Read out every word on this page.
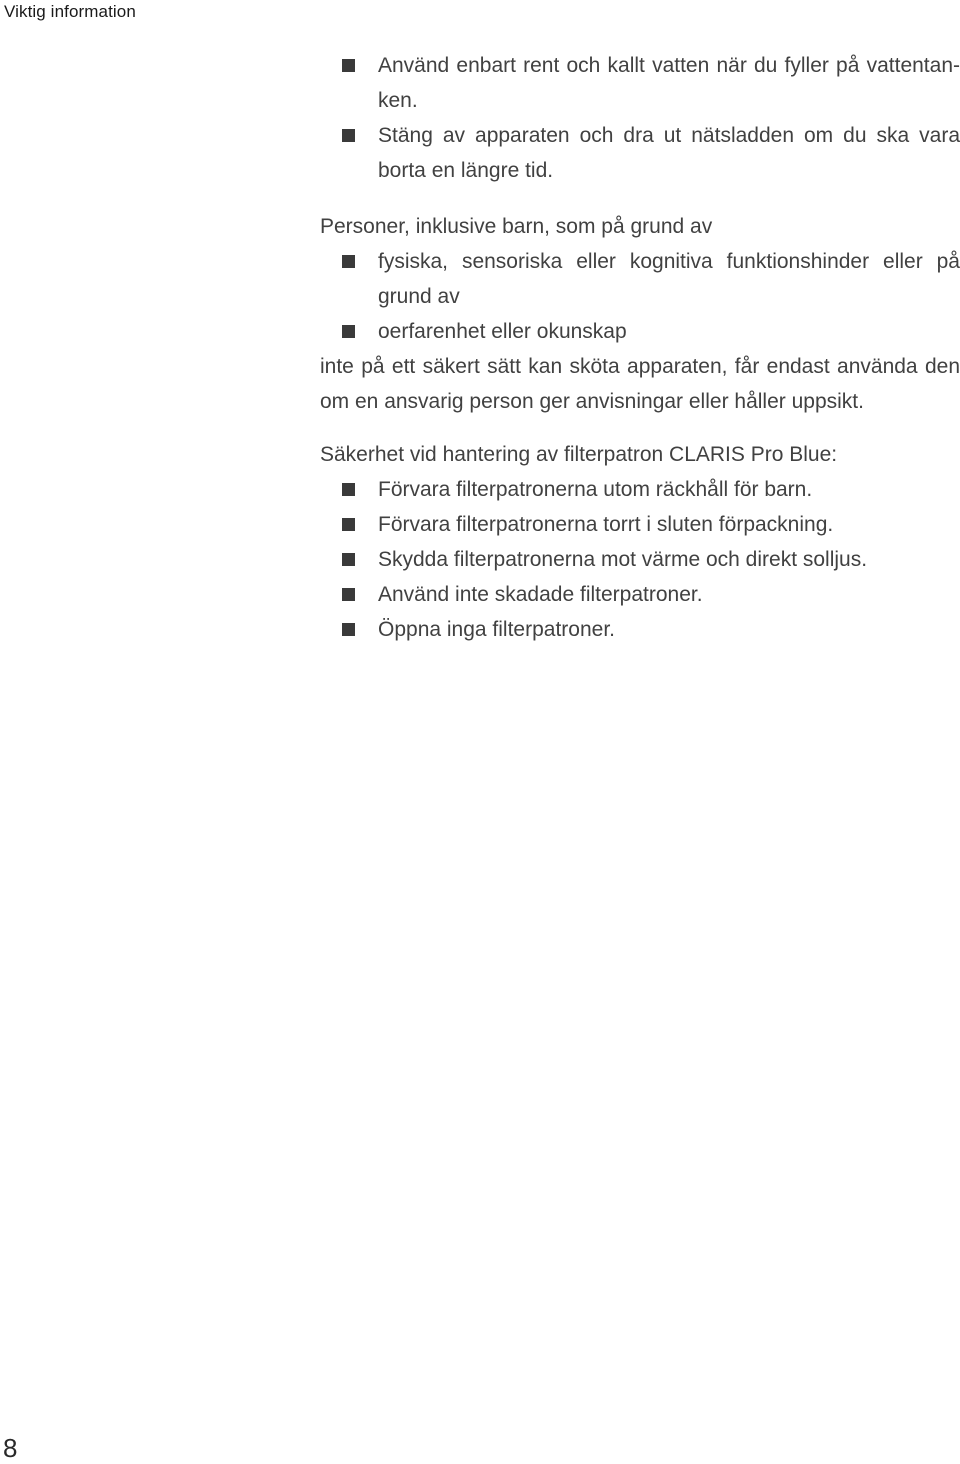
Viktig information
Använd enbart rent och kallt vatten när du fyller på vattentan-
ken.
Stäng av apparaten och dra ut nätsladden om du ska vara
borta en längre tid.

Personer, inklusive barn, som på grund av

fysiska, sensoriska eller kognitiva funktionshinder eller på
grund av
oerfarenhet eller okunskap
inte på ett säkert sätt kan sköta apparaten, får endast använda den
om en ansvarig person ger anvisningar eller håller uppsikt.

Säkerhet vid hantering av filterpatron CLARIS Pro Blue:

Förvara filterpatronerna utom räckhåll för barn.
Förvara filterpatronerna torrt i sluten förpackning.
Skydda filterpatronerna mot värme och direkt solljus.
Använd inte skadade filterpatroner.
Öppna inga filterpatroner.
8
